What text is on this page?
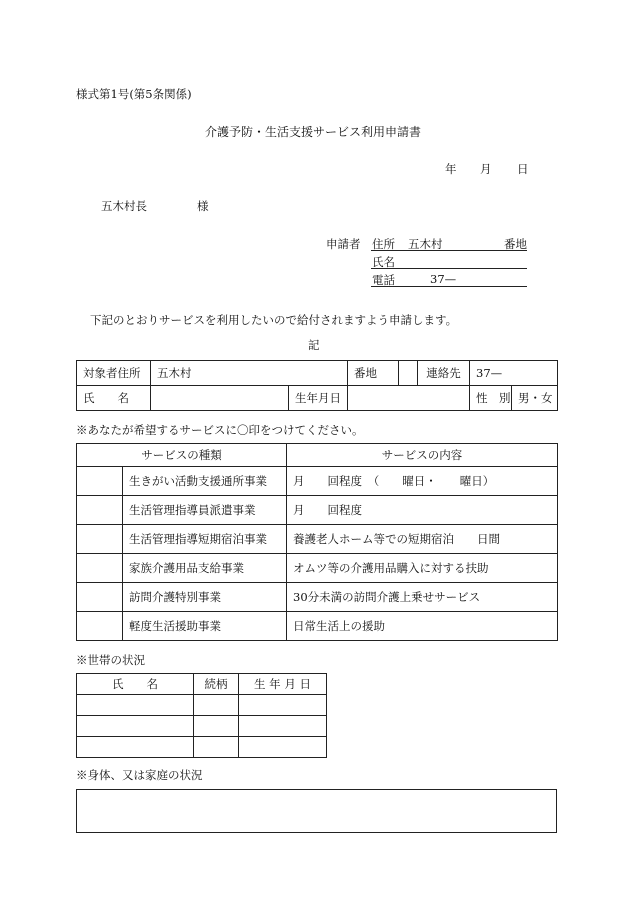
様式第1号(第5条関係)
介護予防・生活支援サービス利用申請書
年 月 日
五木村長	様
申請者 住所 五木村	番地
氏名
電話	37—
下記のとおりサービスを利用したいので給付されますよう申請します。
記
対象者住所	五木村		番地		連絡先	37—	
氏　　名		生年月日				性　別	男・女
※あなたが希望するサービスに〇印をつけてください。
サービスの種類		サービスの内容
	生きがい活動支援通所事業	月　　回程度　（　　曜日・　　曜日）
	生活管理指導員派遣事業	月　　回程度
	生活管理指導短期宿泊事業	養護老人ホーム等での短期宿泊　　日間
	家族介護用品支給事業	オムツ等の介護用品購入に対する扶助
	訪問介護特別事業	30分未満の訪問介護上乗せサービス
	軽度生活援助事業	日常生活上の援助
※世帯の状況
氏　　名	続柄	生 年 月 日

※身体、又は家庭の状況
